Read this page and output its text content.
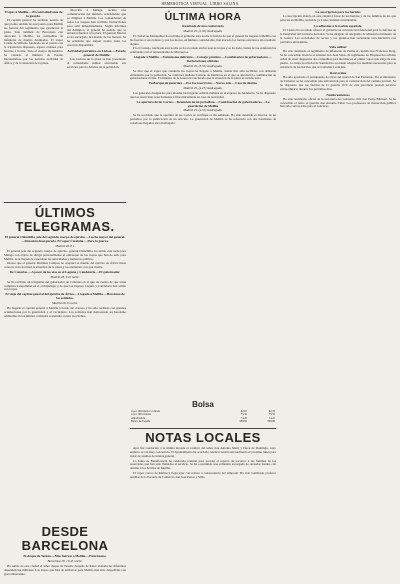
HEMEROTECA VIRTUAL. LIBRO SALINA
Tropas á Melilla.—El contralmirante de la guarda.

El capitán general ha recibido noticia de que pronto saldrán de este puerto para Melilla las fuerzas del regimiento que guarnecen la plaza. Sale también de Barcelona con dirección á Melilla, las compañías de infantería de marina destinadas. El vapor Conde de Wifredo fondeado en el puerto con la tripulación dispuesta, espera órdenes para hacerse á la mar. Todo el cuerpo diplomático ha visitado al ministro de Estado interesándose por las noticias recibidas de África y de la situación de la plaza.

dirección á Málaga, recibió una comunicación del ministro ordenándole que se dirigiese á Melilla. Los comandantes de todos los buques han recibido instrucciones para salir inmediatamente. Según informes del Atlántico, el general ha pedido que se envíen refuerzos á la plaza. El general Macías se ha encargado del mando de las fuerzas. Se ha ordenado que zarpen cuanto antes los cruceros disponibles.

Actividad patriótica en Lisboa.—Estado general de Melilla

Los vecinos de la plaza se han presentado al comandante militar ofreciendo sus servicios para la defensa de la población.

ÚLTIMA HORA
Resultado de una conferencia
Madrid 29, (2,30) madrugada.

El ciudad de Montpellier ha recibido el gobierno esta noche la noticia de que el general ha llegado á Melilla con las fuerzas á sus órdenes y que los moros, en número considerable, han atacado los fuertes exteriores sin resultado alguno.

En el Consejo celebrado esta noche se ha acordado enviar nuevas tropas y se ha dado cuenta de las conferencias celebradas con el representante de Marruecos.

Llegada á Melilla.—Entusiasmo delirante.—Consejo próximo.—Combinación de gobernadores.—Declaraciones oficiales.
Madrid 29, (3,55) madrugada.

Se dice que el vapor que conducía las tropas ha llegado á Melilla, donde han sido recibidas con delirante entusiasmo por la población. Se celebrará mañana Consejo de ministros en el que se aprobará la combinación de gobernadores civiles. El ministro de la Guerra ha declarado que la situación de la plaza es satisfactoria.

Embarque de generales.—Por los reservistas.—Nuevo celo.—Cese de destino
Madrid 29, (4,25) madrugada.

Los generales designados para mandar las brigadas saldrán mañana en el expreso de Andalucía. Se ha dispuesto que los reservistas sean llamados á filas únicamente en caso de necesidad.

La apertura de las Cortes.—Detención de un periodista.—Combinación de gobernadores.—La guarnición de Melilla
Madrid 29, (4,55) madrugada.

Se ha acordado que la apertura de las Cortes se verifique el día señalado. Ha sido detenido el director de un periódico por la publicación de un artículo. La guarnición de Melilla se ha reforzado con dos batallones de cazadores llegados esta madrugada.

Bolsa
4 por 100 interior contado	62,65	62,70
4 por 100 exterior	73,50	73,55
Amortizable	74,20	74,25
Banco de España	389,00	390,00
ÚLTIMOS TELEGRAMAS.
El general Chinchilla, jefe del segundo cuerpo de ejército.—Lucha mayor del general.—Situación desesperada. El vapor Cataluña.—Para la guerra.
Madrid 28, 8 t.

El general jefe del segundo cuerpo de ejército, general Chinchilla, ha salido esta tarde para Málaga con objeto de dirigir personalmente el embarque de las tropas que han de salir para Melilla. A su llegada le esperaban las autoridades y numeroso público.

Dícese que el general Martínez Campos no aceptará el mando del ejército de África hasta conocer con exactitud la situación de la plaza y los elementos con que cuenta.

De Canarias.—A pesar de las olas en el Laguna y Candelaria.—El gobernador.
Madrid 28, 9,25 tarde.

Se ha recibido un telegrama del gobernador de Canarias en el que da cuenta de que reina completa tranquilidad en el archipiélago y de que los vapores Laguna y Candelaria han salido con tropas.

El viaje del capitán general del ejército de África.—Llegada á Melilla.—Heroísmo de los soldados.
Madrid 28, 9 noche.

Ha llegado el capitán general á Melilla á bordo del crucero y ha sido recibido con grandes aclamaciones por la guarnición y el vecindario. Los soldados han demostrado un heroísmo admirable en los últimos combates sostenidos contra los rifeños.

DESDE BARCELONA
El duque de Tetuán.—Más fuerzas á Melilla.—Entusiasmo.
Barcelona 28, 10,45 noche.

Ha salido de esta ciudad el señor duque de Tetuán, después de haber visitado las diferentes dependencias militares. Las tropas que han de embarcar para Melilla han sido despedidas con gran entusiasmo.

NOTAS LOCALES

Ayer fué conducido á la última morada el cadáver del señor don Antonio Martí y Pérez de Domingo, cuyo entierro se vió muy concurrido. El Ayuntamiento ha acordado celebrar sesión extraordinaria el próximo lunes para tratar de asuntos de interés general.

La Junta de Beneficencia ha celebrado reunión para acordar el reparto de socorros á las familias de los reservistas que han sido llamados al servicio. Se ha constituido una comisión encargada de recaudar fondos con destino á los heridos de Melilla.

El vapor correo de Mallorca llegó ayer con retraso á consecuencia del temporal. Ha sido nombrado profesor auxiliar de la Escuela de Comercio don José Ferrer y Valls.

La suscripción para los heridos

La suscripción abierta en esta ciudad á favor de los heridos y de las familias de los que perecen en Melilla, asciende ya á una cantidad considerable.

La adhesión á la nación española.

El Casino ha acordado ofrecer al gobierno su concurso incondicional para la defensa de la integridad del territorio nacional. Se ha dirigido un telegrama de adhesión al ministro de la Guerra. Las sociedades de recreo y los gremios han secundado esta iniciativa con patriótico entusiasmo.

Vida militar

Ha sido destinado al regimiento de infantería de Palma el capitán don Francisco Roig. Se ha concedido licencia al teniente don Juan Salas. El regimiento de Filipinas ha recibido orden de tener dispuestas dos compañías para marchar en el primer vapor que salga de este puerto. La Junta provincial de Sanidad ha acordado adoptar las medidas necesarias para la asistencia de los heridos que se trasladen á esta isla.

Real orden

Ha sido aprobado el presupuesto de obras del cuartel de San Fernando. Por el ministerio de Fomento se ha concedido una subvención para la construcción del camino vecinal. Se ha dispuesto que las fuerzas de la guardia civil de esta provincia presten servicio extraordinario durante los próximos días.

Nombramientos

Ha sido nombrado oficial de la secretaría del Gobierno civil don Pedro Bibiloni. Se ha concedido el retiro al guardia don Antonio Vidal. Los profesores de instrucción pública han sido convocados para el concurso.
